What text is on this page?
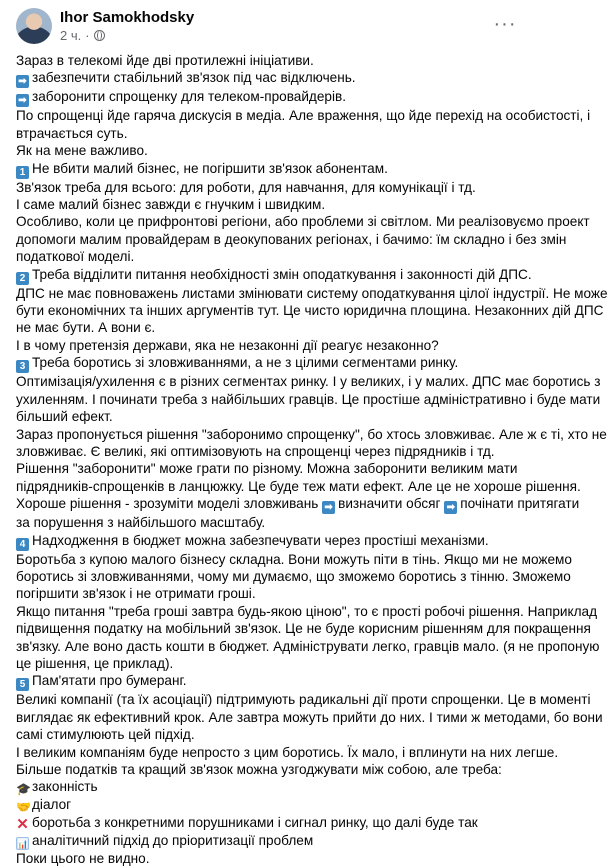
Ihor Samokhodsky
2 ч. ·
···
Зараз в телекомі йде дві протилежні ініціативи.
➡ забезпечити стабільний зв'язок під час відключень.
➡ заборонити спрощенку для телеком-провайдерів.
По спрощенці йде гаряча дискусія в медіа. Але враження, що йде перехід на особистості, і
втрачається суть.
Як на мене важливо.
1 Не вбити малий бізнес, не погіршити зв'язок абонентам.
Зв'язок треба для всього: для роботи, для навчання, для комунікації і тд.
І саме малий бізнес завжди є гнучким і швидким.
Особливо, коли це прифронтові регіони, або проблеми зі світлом. Ми реалізовуємо проект
допомоги малим провайдерам в деокупованих регіонах, і бачимо: їм складно і без змін
податкової моделі.
2 Треба відділити питання необхідності змін оподаткування і законності дій ДПС.
ДПС не має повноважень листами змінювати систему оподаткування цілої індустрії. Не може
бути економічних та інших аргументів тут. Це чисто юридична площина. Незаконних дій ДПС
не має бути. А вони є.
І в чому претензія держави, яка не незаконні дії реагує незаконно?
3 Треба боротись зі зловживаннями, а не з цілими сегментами ринку.
Оптимізація/ухилення є в різних сегментах ринку. І у великих, і у малих. ДПС має боротись з
ухиленням. І починати треба з найбільших гравців. Це простіше адміністративно і буде мати
більший ефект.
Зараз пропонується рішення "заборонимо спрощенку", бо хтось зловживає. Але ж є ті, хто не
зловживає. Є великі, які оптимізовують на спрощенці через підрядників і тд.
Рішення "заборонити" може грати по різному. Можна заборонити великим мати
підрядників-спрощенків в ланцюжку. Це буде теж мати ефект. Але це не хороше рішення.
Хороше рішення - зрозуміти моделі зловживань ➡ визначити обсяг ➡ почінати притягати
за порушення з найбільшого масштабу.
4 Надходження в бюджет можна забезпечувати через простіші механізми.
Боротьба з купою малого бізнесу складна. Вони можуть піти в тінь. Якщо ми не можемо
боротись зі зловживаннями, чому ми думаємо, що зможемо боротись з тінню. Зможемо
погіршити зв'язок і не отримати гроші.
Якщо питання "треба гроші завтра будь-якою ціною", то є прості робочі рішення. Наприклад
підвищення податку на мобільний зв'язок. Це не буде корисним рішенням для покращення
зв'язку. Але воно дасть кошти в бюджет. Адмініструвати легко, гравців мало. (я не пропоную
це рішення, це приклад).
5 Пам'ятати про бумеранг.
Великі компанії (та їх асоціації) підтримують радикальні дії проти спрощенки. Це в моменті
виглядає як ефективний крок. Але завтра можуть прийти до них. І тими ж методами, бо вони
самі стимулюють цей підхід.
І великим компаніям буде непросто з цим боротись. Їх мало, і вплинути на них легше.
Більше податків та кращий зв'язок можна узгоджувати між собою, але треба:
🎓законність
🤝діалог
✕ боротьба з конкретними порушниками і сигнал ринку, що далі буде так
📊 аналітичний підхід до пріоритизації проблем
Поки цього не видно.
